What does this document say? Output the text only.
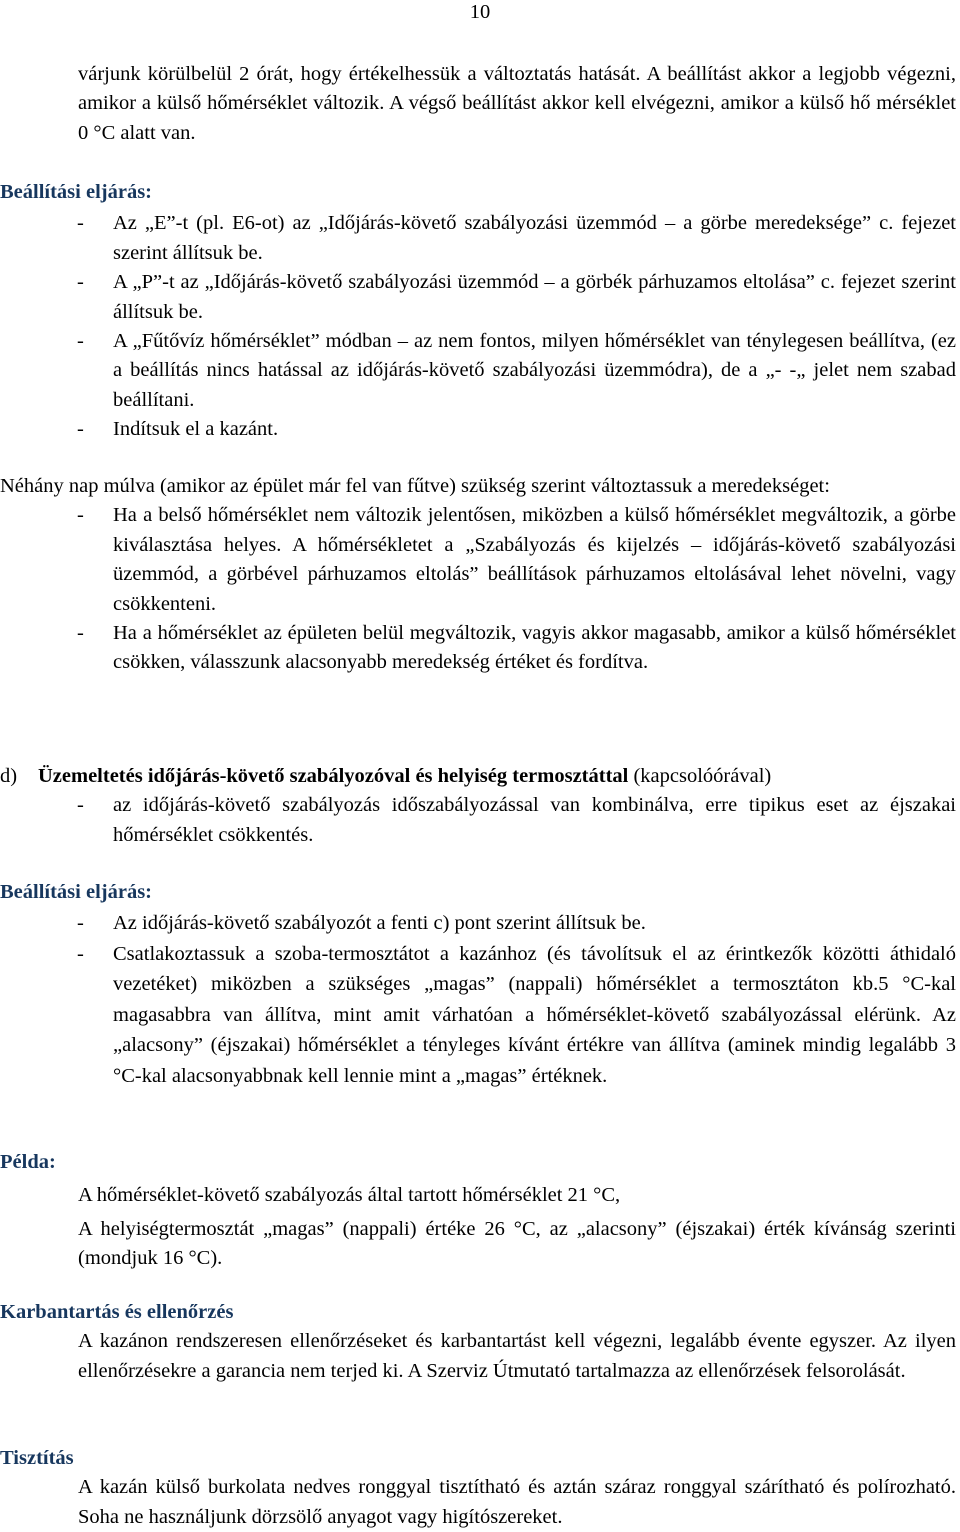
10

várjunk körülbelül 2 órát, hogy értékelhessük a változtatás hatását. A beállítást akkor a legjobb végezni, amikor a külső hőmérséklet változik. A végső beállítást akkor kell elvégezni, amikor a külső hő mérséklet 0 °C alatt van.

Beállítási eljárás:
- Az „E”-t (pl. E6-ot) az „Időjárás-követő szabályozási üzemmód – a görbe meredeksége” c. fejezet szerint állítsuk be.
- A „P”-t az „Időjárás-követő szabályozási üzemmód – a görbék párhuzamos eltolása” c. fejezet szerint állítsuk be.
- A „Fűtővíz hőmérséklet” módban – az nem fontos, milyen hőmérséklet van ténylegesen beállítva, (ez a beállítás nincs hatással az időjárás-követő szabályozási üzemmódra), de a „- -„ jelet nem szabad beállítani.
- Indítsuk el a kazánt.

Néhány nap múlva (amikor az épület már fel van fűtve) szükség szerint változtassuk a meredekséget:

- Ha a belső hőmérséklet nem változik jelentősen, miközben a külső hőmérséklet megváltozik, a görbe kiválasztása helyes. A hőmérsékletet a „Szabályozás és kijelzés – időjárás-követő szabályozási üzemmód, a görbével párhuzamos eltolás” beállítások párhuzamos eltolásával lehet növelni, vagy csökkenteni.
- Ha a hőmérséklet az épületen belül megváltozik, vagyis akkor magasabb, amikor a külső hőmérséklet csökken, válasszunk alacsonyabb meredekség értéket és fordítva.
d) Üzemeltetés időjárás-követő szabályozóval és helyiség termosztáttal (kapcsolóórával)
- az időjárás-követő szabályozás időszabályozással van kombinálva, erre tipikus eset az éjszakai hőmérséklet csökkentés.
Beállítási eljárás:
- Az időjárás-követő szabályozót a fenti c) pont szerint állítsuk be.
- Csatlakoztassuk a szoba-termosztátot a kazánhoz (és távolítsuk el az érintkezők közötti áthidaló vezetéket) miközben a szükséges „magas” (nappali) hőmérséklet a termosztáton kb.5 °C-kal magasabbra van állítva, mint amit várhatóan a hőmérséklet-követő szabályozással elérünk. Az „alacsony” (éjszakai) hőmérséklet a tényleges kívánt értékre van állítva (aminek mindig legalább 3 °C-kal alacsonyabbnak kell lennie mint a „magas” értéknek.
Példa:

A hőmérséklet-követő szabályozás által tartott hőmérséklet 21 °C,

A helyiségtermosztát „magas” (nappali) értéke 26 °C, az „alacsony” (éjszakai) érték kívánság szerinti (mondjuk 16 °C).

Karbantartás és ellenőrzés

A kazánon rendszeresen ellenőrzéseket és karbantartást kell végezni, legalább évente egyszer. Az ilyen ellenőrzésekre a garancia nem terjed ki. A Szerviz Útmutató tartalmazza az ellenőrzések felsorolását.

Tisztítás

A kazán külső burkolata nedves ronggyal tisztítható és aztán száraz ronggyal szárítható és polírozható. Soha ne használjunk dörzsölő anyagot vagy higítószereket.
